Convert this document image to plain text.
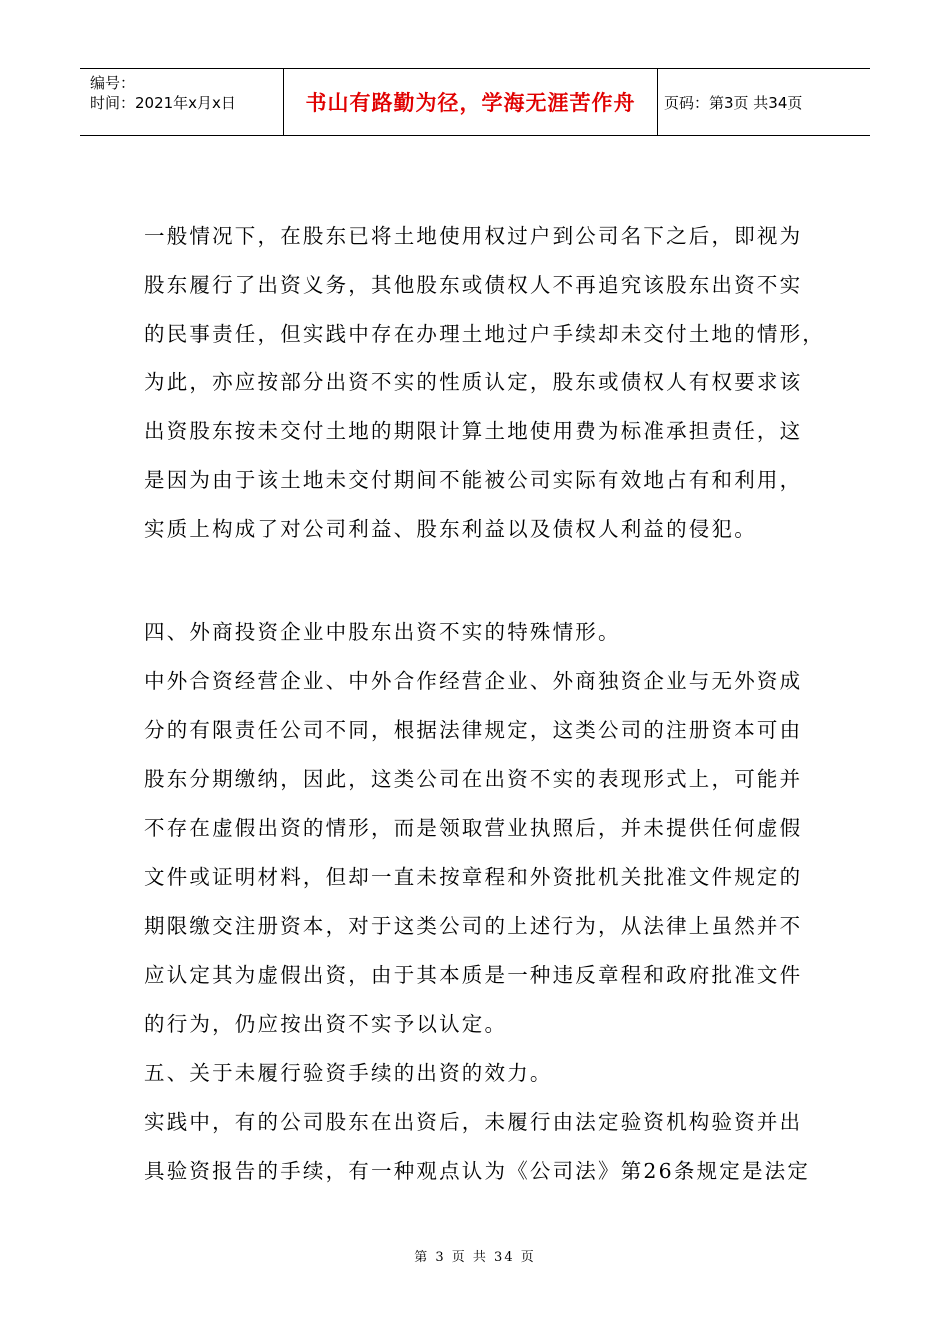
编号：
时间：2021年x月x日	书山有路勤为径，学海无涯苦作舟	页码：第3页 共34页
一般情况下，在股东已将土地使用权过户到公司名下之后，即视为
股东履行了出资义务，其他股东或债权人不再追究该股东出资不实
的民事责任，但实践中存在办理土地过户手续却未交付土地的情形，
为此，亦应按部分出资不实的性质认定，股东或债权人有权要求该
出资股东按未交付土地的期限计算土地使用费为标准承担责任，这
是因为由于该土地未交付期间不能被公司实际有效地占有和利用，
实质上构成了对公司利益、股东利益以及债权人利益的侵犯。
四、外商投资企业中股东出资不实的特殊情形。
中外合资经营企业、中外合作经营企业、外商独资企业与无外资成
分的有限责任公司不同，根据法律规定，这类公司的注册资本可由
股东分期缴纳，因此，这类公司在出资不实的表现形式上，可能并
不存在虚假出资的情形，而是领取营业执照后，并未提供任何虚假
文件或证明材料，但却一直未按章程和外资批机关批准文件规定的
期限缴交注册资本，对于这类公司的上述行为，从法律上虽然并不
应认定其为虚假出资，由于其本质是一种违反章程和政府批准文件
的行为，仍应按出资不实予以认定。
五、关于未履行验资手续的出资的效力。
实践中，有的公司股东在出资后，未履行由法定验资机构验资并出
具验资报告的手续，有一种观点认为《公司法》第26条规定是法定
第 3 页 共 34 页
